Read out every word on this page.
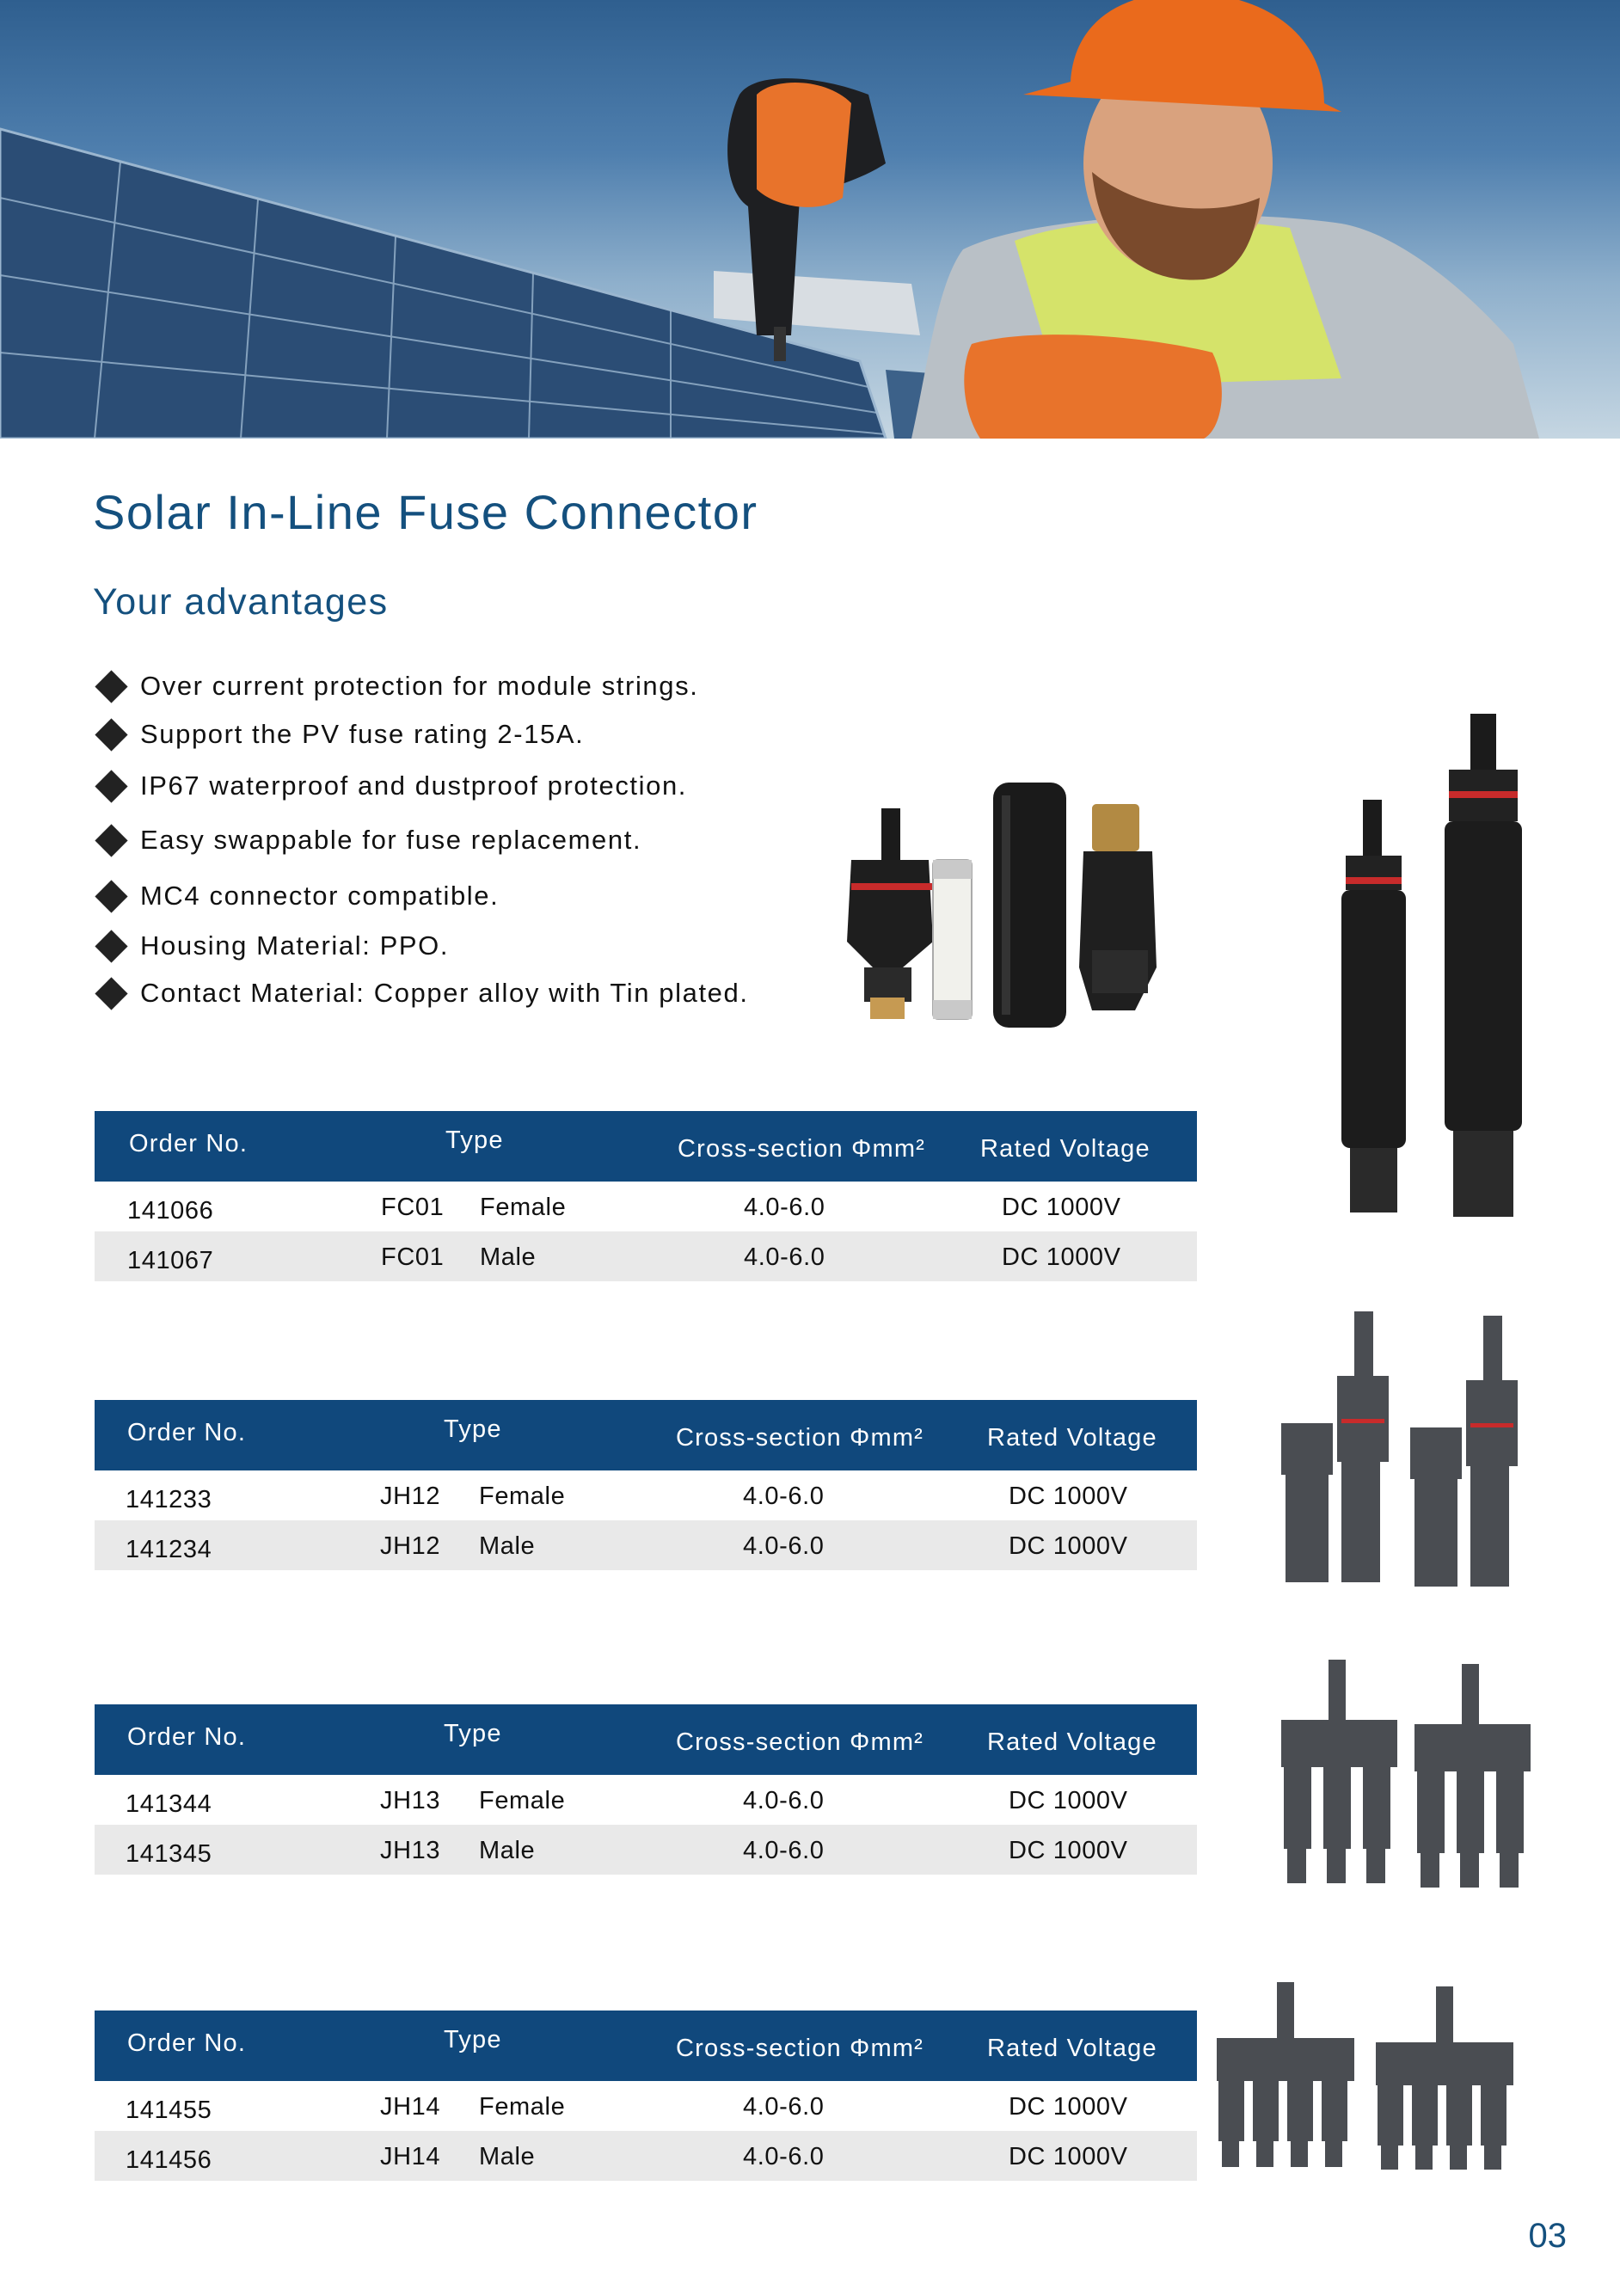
Solar In-Line Fuse Connector
Your advantages
Over current protection for module strings.
Support the PV fuse rating 2-15A.
IP67 waterproof and dustproof protection.
Easy swappable for fuse replacement.
MC4 connector compatible.
Housing Material: PPO.
Contact Material: Copper alloy with Tin plated.
Order No.	Type	Cross-section Φmm² Rated Voltage
141066	FC01 Female	4.0-6.0	DC 1000V
141067	FC01 Male	4.0-6.0	DC 1000V
Order No.	Type	Cross-section Φmm²	Rated Voltage
141233	JH12 Female	4.0-6.0	DC 1000V
141234	JH12 Male	4.0-6.0	DC 1000V
Order No.	Type	Cross-section Φmm²	Rated Voltage
141344	JH13 Female	4.0-6.0	DC 1000V
141345	JH13 Male	4.0-6.0	DC 1000V
Order No.	Type	Cross-section Φmm²	Rated Voltage
141455	JH14 Female	4.0-6.0	DC 1000V
141456	JH14 Male	4.0-6.0	DC 1000V
03
